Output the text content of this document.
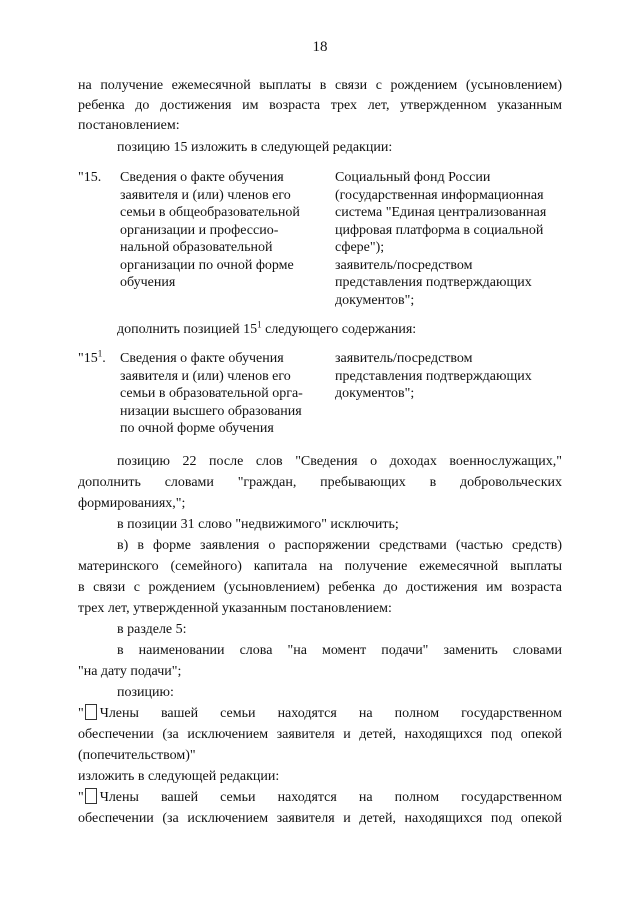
18
на получение ежемесячной выплаты в связи с рождением (усыновлением)
ребенка до достижения им возраста трех лет, утвержденном указанным
постановлением:
позицию 15 изложить в следующей редакции:
"15. Сведения о факте обучения
заявителя и (или) членов его
семьи в общеобразовательной
организации и профессио-
нальной образовательной
организации по очной форме
обучения
Социальный фонд России
(государственная информационная
система "Единая централизованная
цифровая платформа в социальной
сфере");
заявитель/посредством
представления подтверждающих
документов";
дополнить позицией $15^1$ следующего содержания:
"$15^1$. Сведения о факте обучения
заявителя и (или) членов его
семьи в образовательной орга-
низации высшего образования
по очной форме обучения
заявитель/посредством
представления подтверждающих
документов";
позицию 22 после слов "Сведения о доходах военнослужащих,"
дополнить словами "граждан, пребывающих в добровольческих
формированиях,";
в позиции 31 слово "недвижимого" исключить;
в) в форме заявления о распоряжении средствами (частью средств)
материнского (семейного) капитала на получение ежемесячной выплаты
в связи с рождением (усыновлением) ребенка до достижения им возраста
трех лет, утвержденной указанным постановлением:
в разделе 5:
в наименовании слова "на момент подачи" заменить словами
"на дату подачи";
позицию:
" Члены вашей семьи находятся на полном государственном
обеспечении (за исключением заявителя и детей, находящихся под опекой
(попечительством)"
изложить в следующей редакции:
" Члены вашей семьи находятся на полном государственном
обеспечении (за исключением заявителя и детей, находящихся под опекой
